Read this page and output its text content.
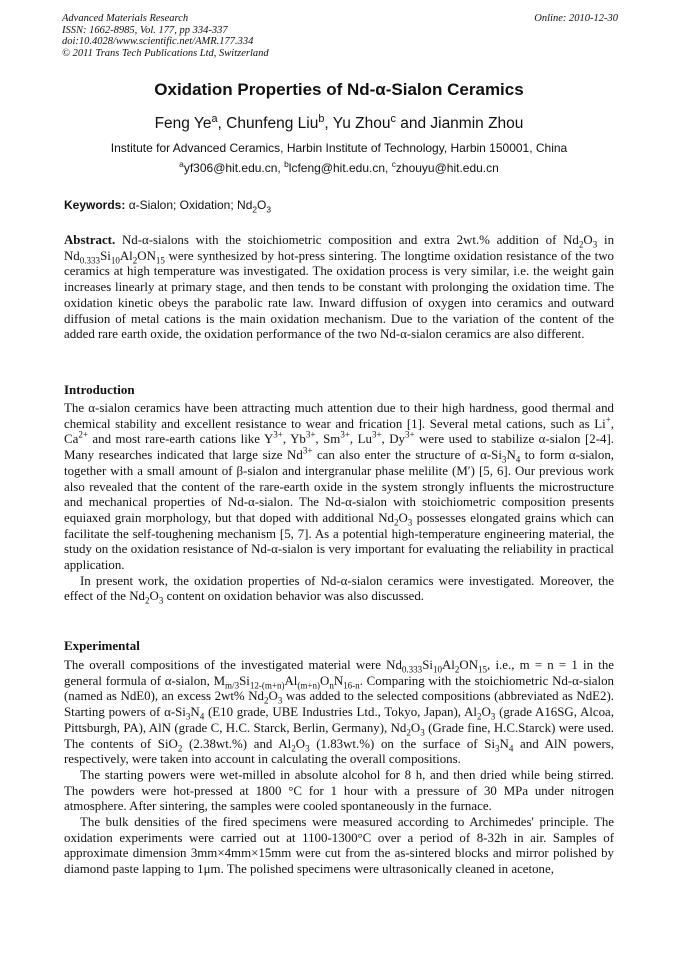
Advanced Materials Research
ISSN: 1662-8985, Vol. 177, pp 334-337
doi:10.4028/www.scientific.net/AMR.177.334
© 2011 Trans Tech Publications Ltd, Switzerland
Online: 2010-12-30
Oxidation Properties of Nd-α-Sialon Ceramics
Feng Ye$^a$, Chunfeng Liu$^b$, Yu Zhou$^c$ and Jianmin Zhou
Institute for Advanced Ceramics, Harbin Institute of Technology, Harbin 150001, China
$^a$yf306@hit.edu.cn, $^b$lcfeng@hit.edu.cn, $^c$zhouyu@hit.edu.cn
Keywords: α-Sialon; Oxidation; $Nd_2O_3$

Abstract. Nd-α-sialons with the stoichiometric composition and extra 2wt.% addition of $Nd_2O_3$ in $Nd_{0.333}Si_{10}Al_2ON_{15}$ were synthesized by hot-press sintering. The longtime oxidation resistance of the two ceramics at high temperature was investigated. The oxidation process is very similar, i.e. the weight gain increases linearly at primary stage, and then tends to be constant with prolonging the oxidation time. The oxidation kinetic obeys the parabolic rate law. Inward diffusion of oxygen into ceramics and outward diffusion of metal cations is the main oxidation mechanism. Due to the variation of the content of the added rare earth oxide, the oxidation performance of the two Nd-α-sialon ceramics are also different.

Introduction

The α-sialon ceramics have been attracting much attention due to their high hardness, good thermal and chemical stability and excellent resistance to wear and frication [1]. Several metal cations, such as Li+, $Ca^{2+}$ and most rare-earth cations like $Y^{3+}$, $Yb^{3+}$, $Sm^{3+}$, $Lu^{3+}$, $Dy^{3+}$ were used to stabilize α-sialon [2-4]. Many researches indicated that large size $Nd^{3+}$ can also enter the structure of $\alpha-Si_3N_4$ to form α-sialon, together with a small amount of β-sialon and intergranular phase melilite (M′) [5, 6]. Our previous work also revealed that the content of the rare-earth oxide in the system strongly influents the microstructure and mechanical properties of Nd-α-sialon. The Nd-α-sialon with stoichiometric composition presents equiaxed grain morphology, but that doped with additional $Nd_2O_3$ possesses elongated grains which can facilitate the self-toughening mechanism [5, 7]. As a potential high-temperature engineering material, the study on the oxidation resistance of Nd-α-sialon is very important for evaluating the reliability in practical application.

In present work, the oxidation properties of Nd-α-sialon ceramics were investigated. Moreover, the effect of the $Nd_2O_3$ content on oxidation behavior was also discussed.

Experimental

The overall compositions of the investigated material were $Nd_{0.333}Si_{10}Al_2ON_{15}$, i.e., m = n = 1 in the general formula of α-sialon, $M_{m/3}Si_{12-(m+n)}Al_{(m+n)}O_nN_{16-n}$. Comparing with the stoichiometric Nd-α-sialon (named as NdE0), an excess 2wt% $Nd_2O_3$ was added to the selected compositions (abbreviated as NdE2). Starting powers of $\alpha-Si_3N_4$ (E10 grade, UBE Industries Ltd., Tokyo, Japan), $Al_2O_3$ (grade A16SG, Alcoa, Pittsburgh, PA), AlN (grade C, H.C. Starck, Berlin, Germany), $Nd_2O_3$ (Grade fine, H.C.Starck) were used. The contents of SiO$_2$ (2.38wt.%) and $Al_2O_3$ (1.83wt.%) on the surface of $Si_3N_4$ and AlN powers, respectively, were taken into account in calculating the overall compositions.

The starting powers were wet-milled in absolute alcohol for 8 h, and then dried while being stirred. The powders were hot-pressed at 1800 °C for 1 hour with a pressure of 30 MPa under nitrogen atmosphere. After sintering, the samples were cooled spontaneously in the furnace.

The bulk densities of the fired specimens were measured according to Archimedes' principle. The oxidation experiments were carried out at 1100-1300°C over a period of 8-32h in air. Samples of approximate dimension 3mm×4mm×15mm were cut from the as-sintered blocks and mirror polished by diamond paste lapping to 1μm. The polished specimens were ultrasonically cleaned in acetone,
